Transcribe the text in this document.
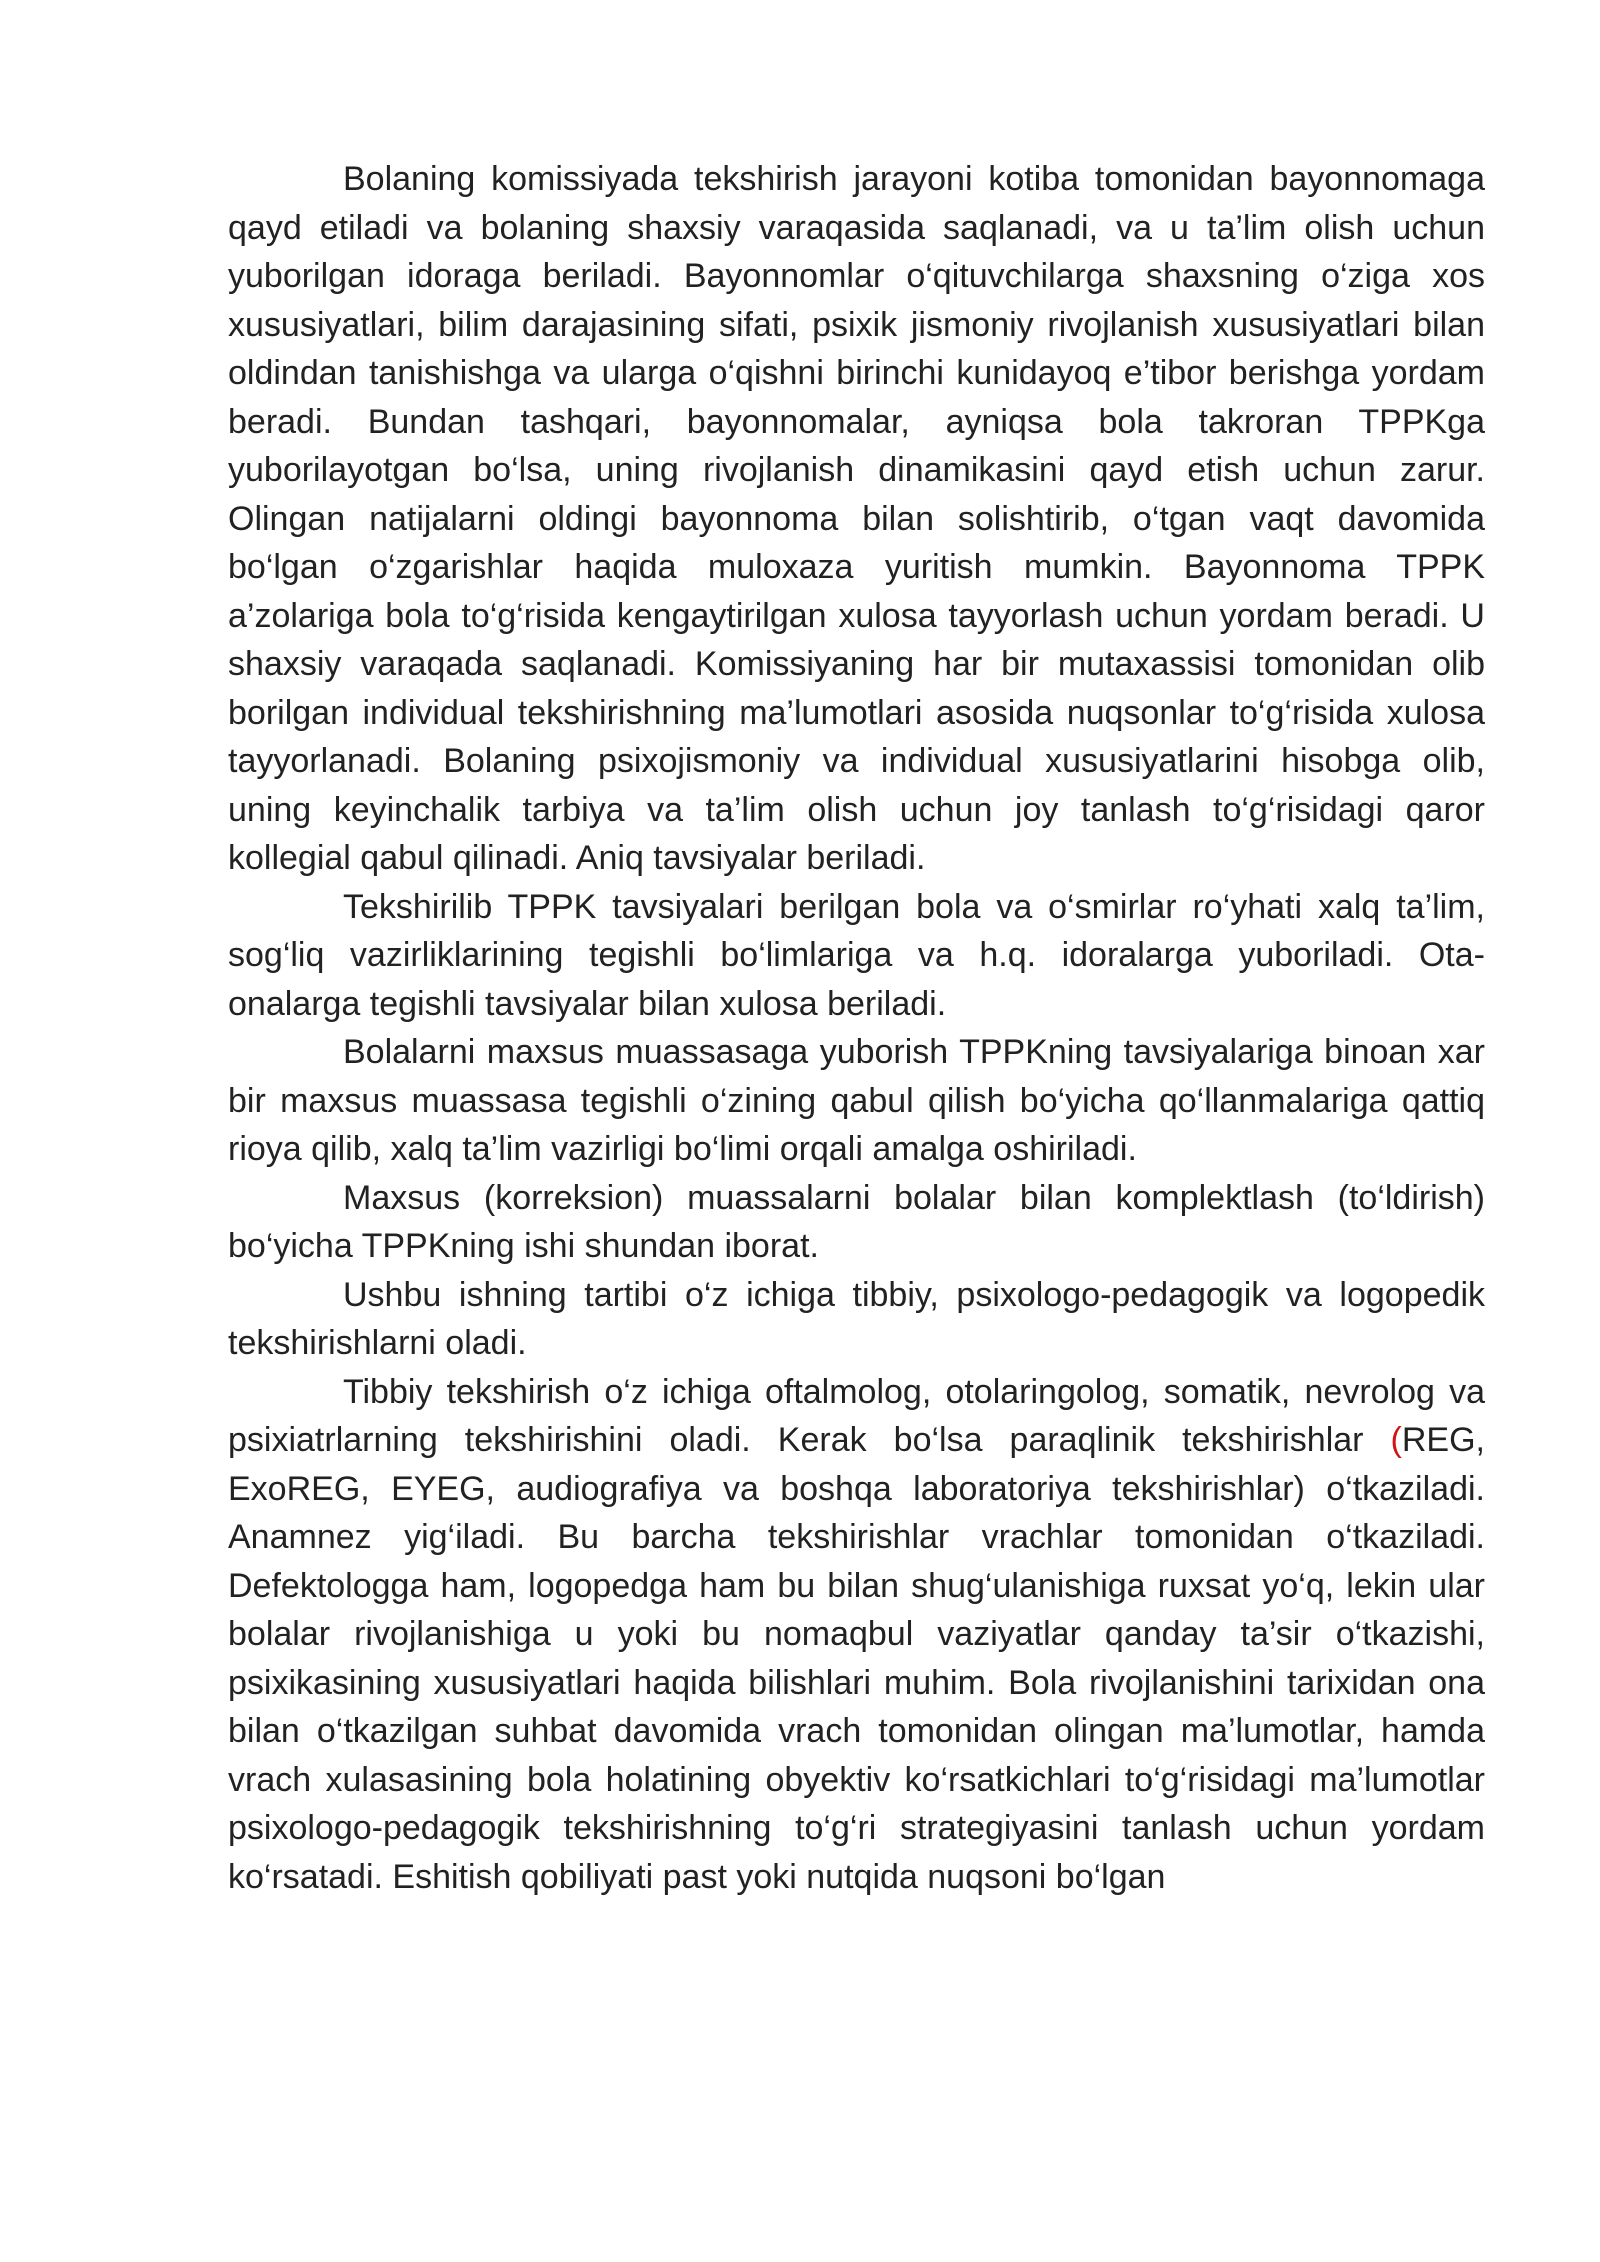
Bolaning komissiyada tekshirish jarayoni kotiba tomonidan bayonnomaga qayd etiladi va bolaning shaxsiy varaqasida saqlanadi, va u ta’lim olish uchun yuborilgan idoraga beriladi. Bayonnomlar o‘qituvchilarga shaxsning o‘ziga xos xususiyatlari, bilim darajasining sifati, psixik jismoniy rivojlanish xususiyatlari bilan oldindan tanishishga va ularga o‘qishni birinchi kunidayoq e’tibor berishga yordam beradi. Bundan tashqari, bayonnomalar, ayniqsa bola takroran TPPKga yuborilayotgan bo‘lsa, uning rivojlanish dinamikasini qayd etish uchun zarur. Olingan natijalarni oldingi bayonnoma bilan solishtirib, o‘tgan vaqt davomida bo‘lgan o‘zgarishlar haqida muloxaza yuritish mumkin. Bayonnoma TPPK a’zolariga bola to‘g‘risida kengaytirilgan xulosa tayyorlash uchun yordam beradi. U shaxsiy varaqada saqlanadi. Komissiyaning har bir mutaxassisi tomonidan olib borilgan individual tekshirishning ma’lumotlari asosida nuqsonlar to‘g‘risida xulosa tayyorlanadi. Bolaning psixojismoniy va individual xususiyatlarini hisobga olib, uning keyinchalik tarbiya va ta’lim olish uchun joy tanlash to‘g‘risidagi qaror kollegial qabul qilinadi. Aniq tavsiyalar beriladi.

Tekshirilib TPPK tavsiyalari berilgan bola va o‘smirlar ro‘yhati xalq ta’lim, sog‘liq vazirliklarining tegishli bo‘limlariga va h.q. idoralarga yuboriladi. Ota-onalarga tegishli tavsiyalar bilan xulosa beriladi.

Bolalarni maxsus muassasaga yuborish TPPKning tavsiyalariga binoan xar bir maxsus muassasa tegishli o‘zining qabul qilish bo‘yicha qo‘llanmalariga qattiq rioya qilib, xalq ta’lim vazirligi bo‘limi orqali amalga oshiriladi.

Maxsus (korreksion) muassalarni bolalar bilan komplektlash (to‘ldirish) bo‘yicha TPPKning ishi shundan iborat.

Ushbu ishning tartibi o‘z ichiga tibbiy, psixologo-pedagogik va logopedik tekshirishlarni oladi.

Tibbiy tekshirish o‘z ichiga oftalmolog, otolaringolog, somatik, nevrolog va psixiatrlarning tekshirishini oladi. Kerak bo‘lsa paraqlinik tekshirishlar (REG, ExoREG, EYEG, audiografiya va boshqa laboratoriya tekshirishlar) o‘tkaziladi. Anamnez yig‘iladi. Bu barcha tekshirishlar vrachlar tomonidan o‘tkaziladi. Defektologga ham, logopedga ham bu bilan shug‘ulanishiga ruxsat yo‘q, lekin ular bolalar rivojlanishiga u yoki bu nomaqbul vaziyatlar qanday ta’sir o‘tkazishi, psixikasining xususiyatlari haqida bilishlari muhim. Bola rivojlanishini tarixidan ona bilan o‘tkazilgan suhbat davomida vrach tomonidan olingan ma’lumotlar, hamda vrach xulasasining bola holatining obyektiv ko‘rsatkichlari to‘g‘risidagi ma’lumotlar psixologo-pedagogik tekshirishning to‘g‘ri strategiyasini tanlash uchun yordam ko‘rsatadi. Eshitish qobiliyati past yoki nutqida nuqsoni bo‘lgan
